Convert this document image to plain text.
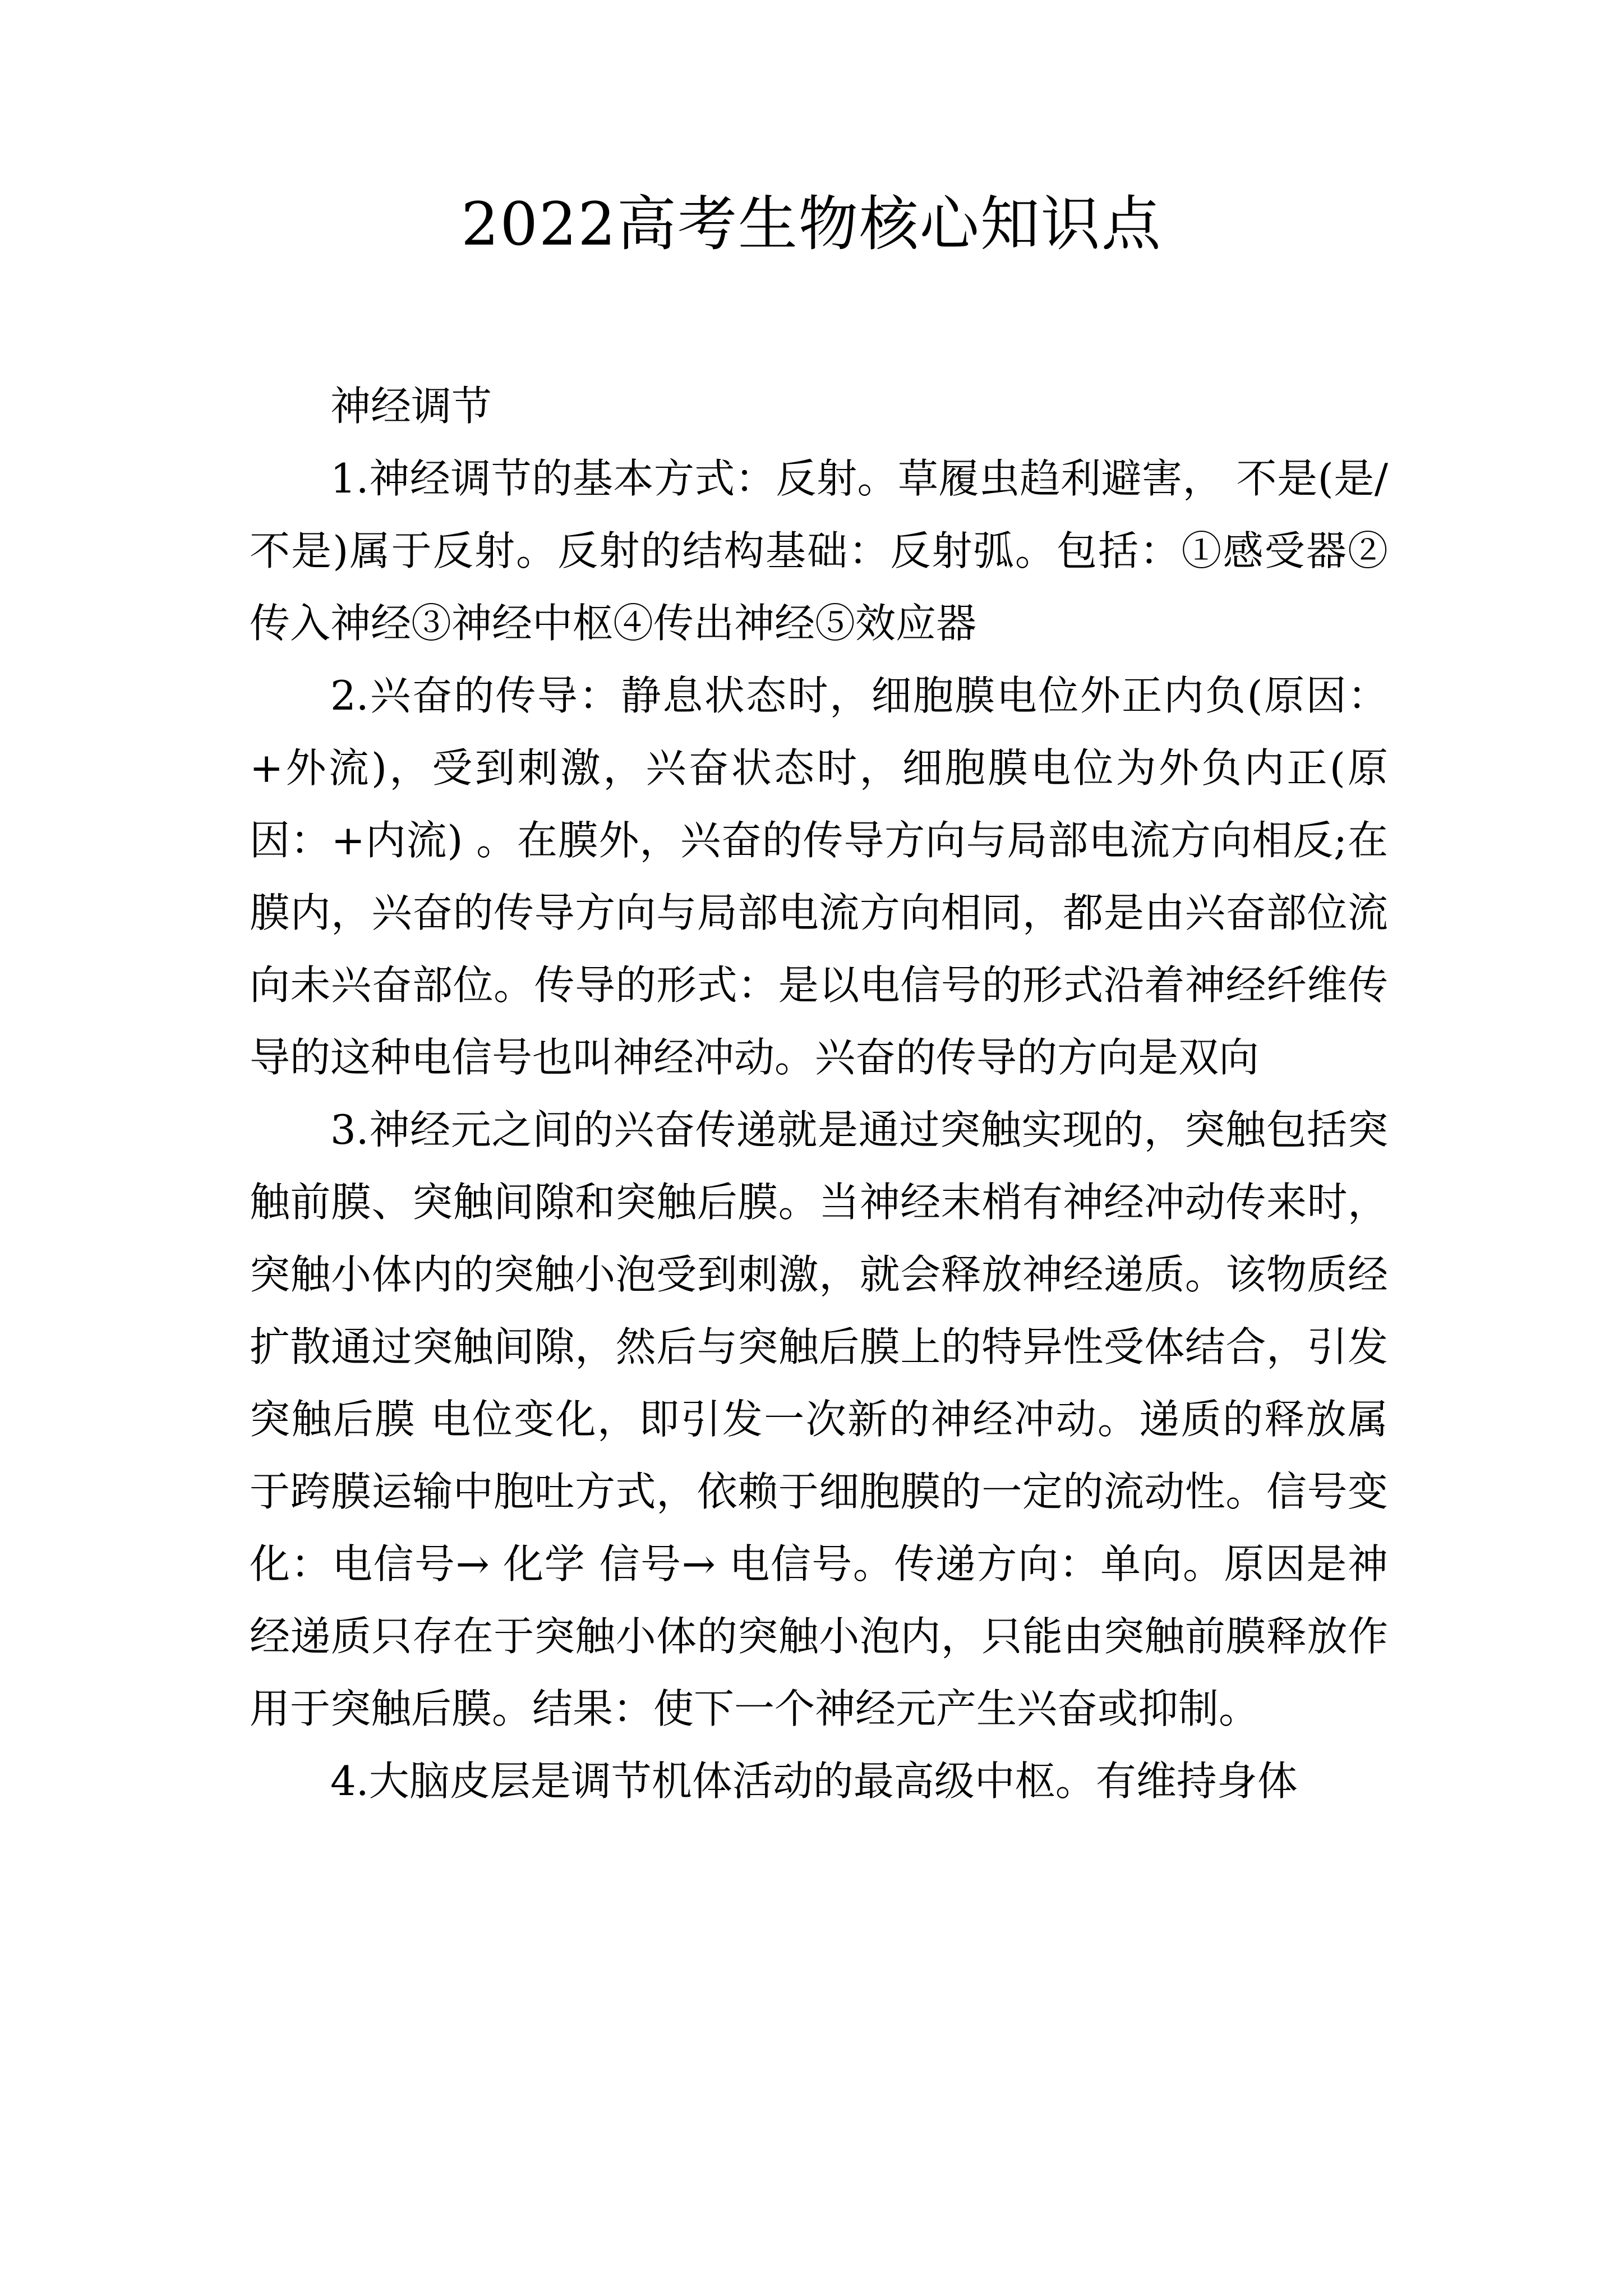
2022高考生物核心知识点

神经调节

1.神经调节的基本方式：反射。草履虫趋利避害， 不是(是/不是)属于反射。反射的结构基础：反射弧。包括：①感受器②传入神经③神经中枢④传出神经⑤效应器

2.兴奋的传导：静息状态时，细胞膜电位外正内负(原因：+外流)，受到刺激，兴奋状态时，细胞膜电位为外负内正(原因：+内流) 。在膜外，兴奋的传导方向与局部电流方向相反;在膜内，兴奋的传导方向与局部电流方向相同，都是由兴奋部位流向未兴奋部位。传导的形式：是以电信号的形式沿着神经纤维传导的这种电信号也叫神经冲动。兴奋的传导的方向是双向

3.神经元之间的兴奋传递就是通过突触实现的，突触包括突触前膜、突触间隙和突触后膜。当神经末梢有神经冲动传来时，突触小体内的突触小泡受到刺激，就会释放神经递质。该物质经扩散通过突触间隙，然后与突触后膜上的特异性受体结合，引发突触后膜 电位变化，即引发一次新的神经冲动。递质的释放属于跨膜运输中胞吐方式，依赖于细胞膜的一定的流动性。信号变化：电信号→ 化学 信号→ 电信号。传递方向：单向。原因是神经递质只存在于突触小体的突触小泡内，只能由突触前膜释放作用于突触后膜。结果：使下一个神经元产生兴奋或抑制。

4.大脑皮层是调节机体活动的最高级中枢。有维持身体
